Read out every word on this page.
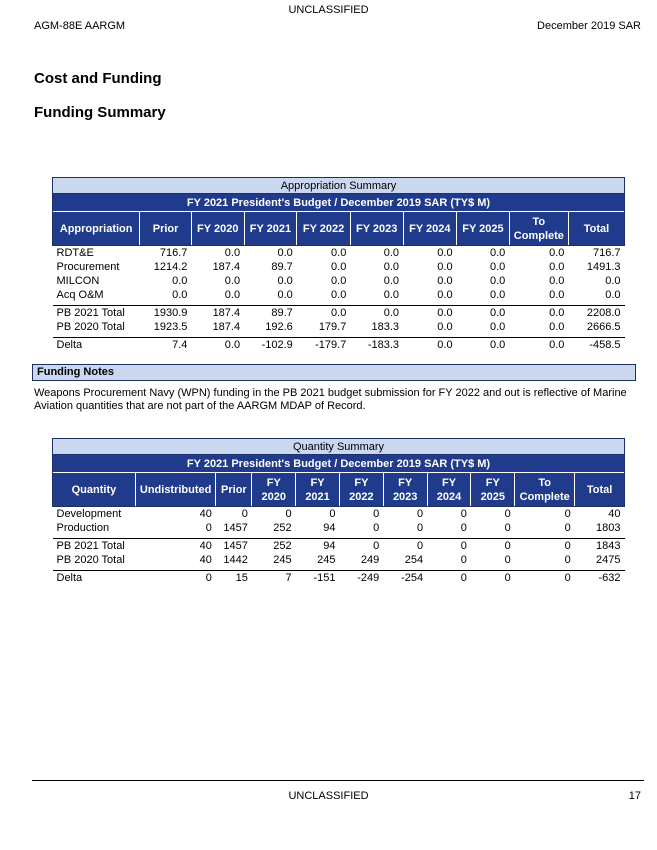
UNCLASSIFIED
AGM-88E AARGM	December 2019 SAR
Cost and Funding
Funding Summary
Appropriation Summary									
FY 2021 President's Budget / December 2019 SAR (TY$ M)									
Appropriation	Prior	FY 2020	FY 2021	FY 2022	FY 2023	FY 2024	FY 2025	To Complete	Total
RDT&E	716.7	0.0	0.0	0.0	0.0	0.0	0.0	0.0	716.7
Procurement	1214.2	187.4	89.7	0.0	0.0	0.0	0.0	0.0	1491.3
MILCON	0.0	0.0	0.0	0.0	0.0	0.0	0.0	0.0	0.0
Acq O&M	0.0	0.0	0.0	0.0	0.0	0.0	0.0	0.0	0.0

PB 2021 Total	1930.9	187.4	89.7	0.0	0.0	0.0	0.0	0.0	2208.0
PB 2020 Total	1923.5	187.4	192.6	179.7	183.3	0.0	0.0	0.0	2666.5

Delta	7.4	0.0	-102.9	-179.7	-183.3	0.0	0.0	0.0	-458.5
Funding Notes
Weapons Procurement Navy (WPN) funding in the PB 2021 budget submission for FY 2022 and out is reflective of Marine Aviation quantities that are not part of the AARGM MDAP of Record.
Quantity Summary										
FY 2021 President's Budget / December 2019 SAR (TY$ M)										
Quantity	Undistributed	Prior	FY 2020	FY 2021	FY 2022	FY 2023	FY 2024	FY 2025	To Complete	Total
Development	40	0	0	0	0	0	0	0	0	40
Production	0	1457	252	94	0	0	0	0	0	1803

PB 2021 Total	40	1457	252	94	0	0	0	0	0	1843
PB 2020 Total	40	1442	245	245	249	254	0	0	0	2475

Delta	0	15	7	-151	-249	-254	0	0	0	-632
UNCLASSIFIED	17
